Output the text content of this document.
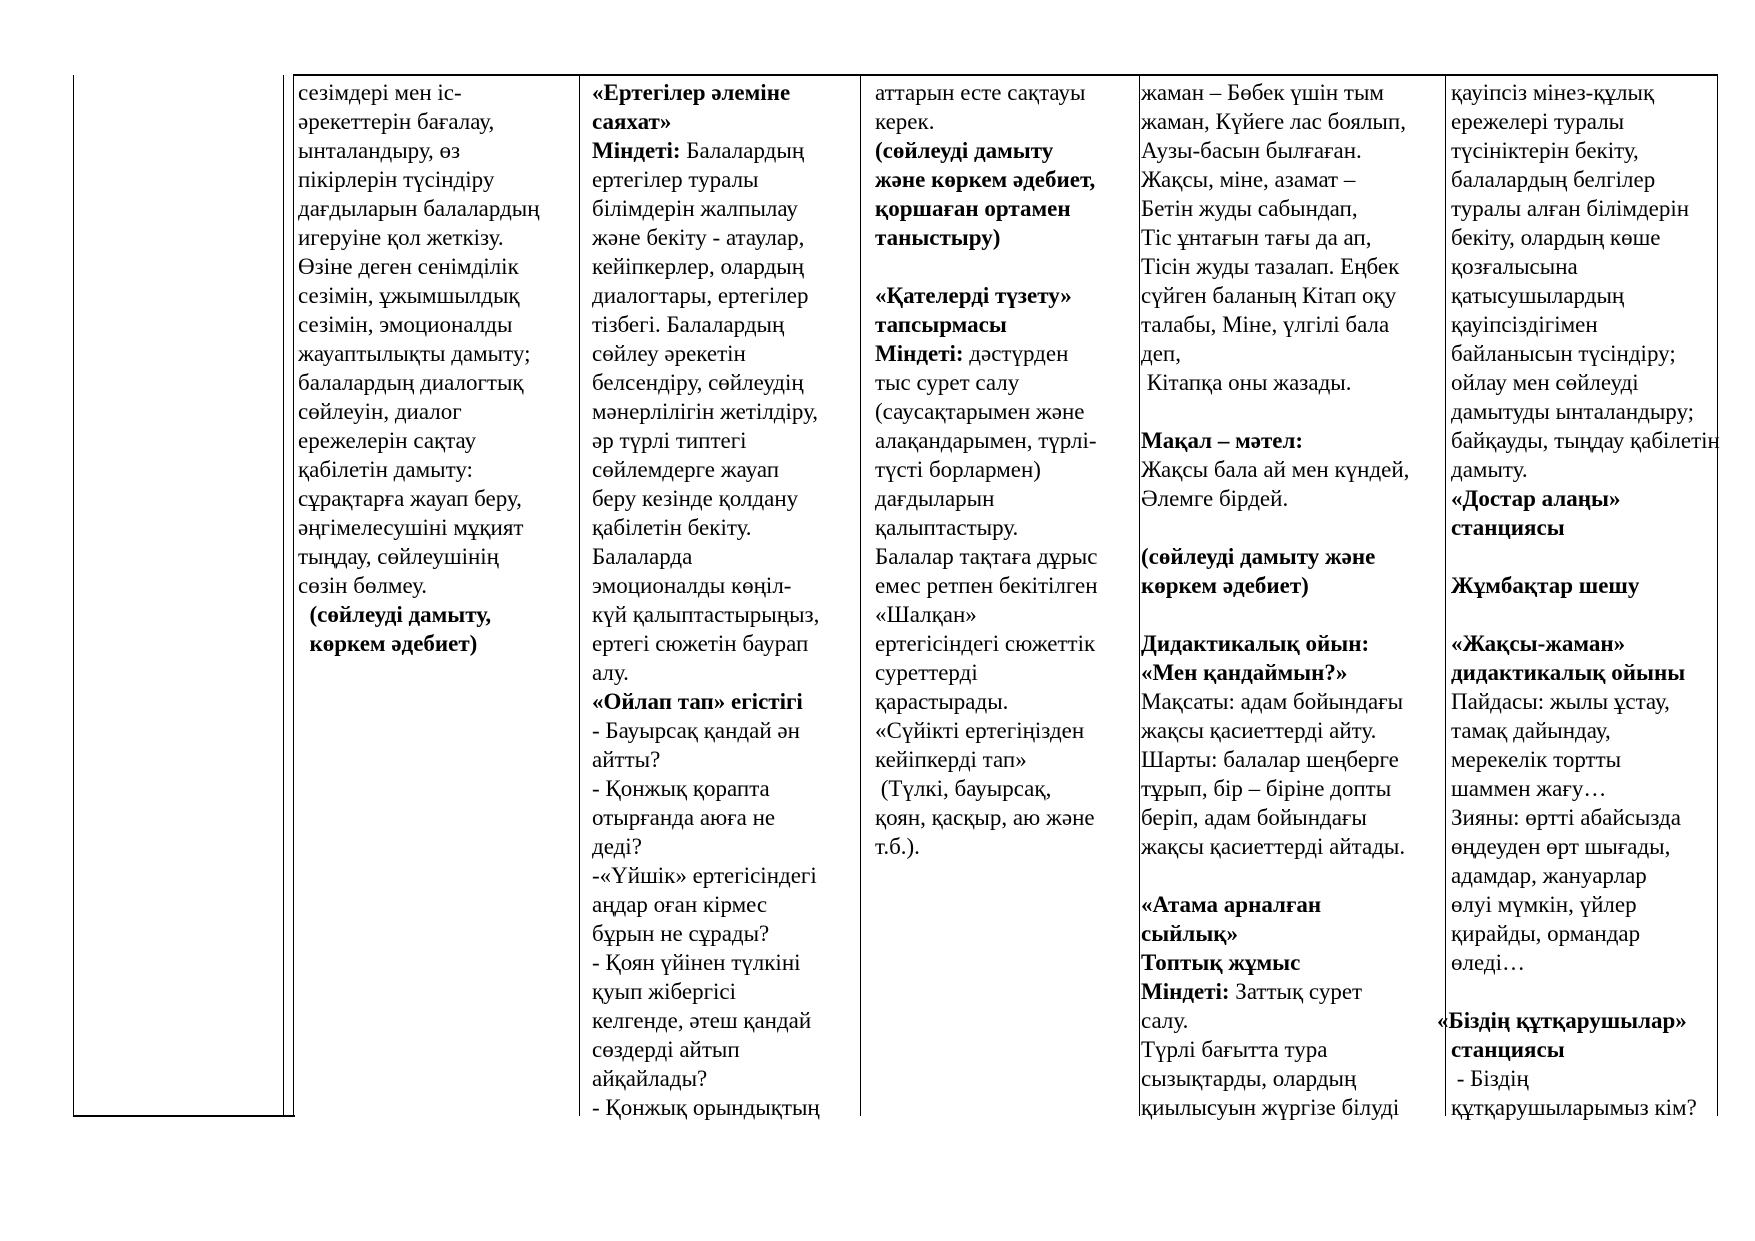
сезімдері мен іс-
әрекеттерін бағалау,
ынталандыру, өз
пікірлерін түсіндіру
дағдыларын балалардың
игеруіне қол жеткізу.
Өзіне деген сенімділік
сезімін, ұжымшылдық
сезімін, эмоционалды
жауаптылықты дамыту;
балалардың диалогтық
сөйлеуін, диалог
ережелерін сақтау
қабілетін дамыту:
сұрақтарға жауап беру,
әңгімелесушіні мұқият
тыңдау, сөйлеушінің
сөзін бөлмеу.
(сөйлеуді дамыту,
көркем әдебиет)
«Ертегілер әлеміне
саяхат»
Міндеті: Балалардың
ертегілер туралы
білімдерін жалпылау
және бекіту - атаулар,
кейіпкерлер, олардың
диалогтары, ертегілер
тізбегі. Балалардың
сөйлеу әрекетін
белсендіру, сөйлеудің
мәнерлілігін жетілдіру,
әр түрлі типтегі
сөйлемдерге жауап
беру кезінде қолдану
қабілетін бекіту.
Балаларда
эмоционалды көңіл-
күй қалыптастырыңыз,
ертегі сюжетін баурап
алу.
«Ойлап тап» егістігі
- Бауырсақ қандай ән
айтты?
- Қонжық қорапта
отырғанда аюға не
деді?
-«Үйшік» ертегісіндегі
аңдар оған кірмес
бұрын не сұрады?
- Қоян үйінен түлкіні
қуып жібергісі
келгенде, әтеш қандай
сөздерді айтып
айқайлады?
- Қонжық орындықтың
аттарын есте сақтауы
керек.
(сөйлеуді дамыту
және көркем әдебиет,
қоршаған ортамен
таныстыру)
«Қателерді түзету»
тапсырмасы
Міндеті: дәстүрден
тыс сурет салу
(саусақтарымен және
алақандарымен, түрлі-
түсті борлармен)
дағдыларын
қалыптастыру.
Балалар тақтаға дұрыс
емес ретпен бекітілген
«Шалқан»
ертегісіндегі сюжеттік
суреттерді
қарастырады.
«Сүйікті ертегіңізден
кейіпкерді тап»
(Түлкі, бауырсақ,
қоян, қасқыр, аю және
т.б.).
жаман – Бөбек үшін тым
жаман, Күйеге лас боялып,
Аузы-басын былғаған.
Жақсы, міне, азамат –
Бетін жуды сабындап,
Тіс ұнтағын тағы да ап,
Тісін жуды тазалап. Еңбек
сүйген баланың Кітап оқу
талабы, Міне, үлгілі бала
деп,
Кітапқа оны жазады.
Мақал – мәтел:
Жақсы бала ай мен күндей,
Әлемге бірдей.
(сөйлеуді дамыту және
көркем әдебиет)
Дидактикалық ойын:
«Мен қандаймын?»
Мақсаты: адам бойындағы
жақсы қасиеттерді айту.
Шарты: балалар шеңберге
тұрып, бір – біріне допты
беріп, адам бойындағы
жақсы қасиеттерді айтады.
«Атама арналған
сыйлық»
Топтық жұмыс
Міндеті: Заттық сурет
салу.
Түрлі бағытта тура
сызықтарды, олардың
қиылысуын жүргізе білуді
қауіпсіз мінез-құлық
ережелері туралы
түсініктерін бекіту,
балалардың белгілер
туралы алған білімдерін
бекіту, олардың көше
қозғалысына
қатысушылардың
қауіпсіздігімен
байланысын түсіндіру;
ойлау мен сөйлеуді
дамытуды ынталандыру;
байқауды, тыңдау қабілетін
дамыту.
«Достар алаңы»
станциясы
Жұмбақтар шешу
«Жақсы-жаман»
дидактикалық ойыны
Пайдасы: жылы ұстау,
тамақ дайындау,
мерекелік тортты
шаммен жағу…
Зияны: өртті абайсызда
өңдеуден өрт шығады,
адамдар, жануарлар
өлуі мүмкін, үйлер
қирайды, ормандар
өледі…
«Біздің құтқарушылар»
станциясы
- Біздің
құтқарушыларымыз кім?
